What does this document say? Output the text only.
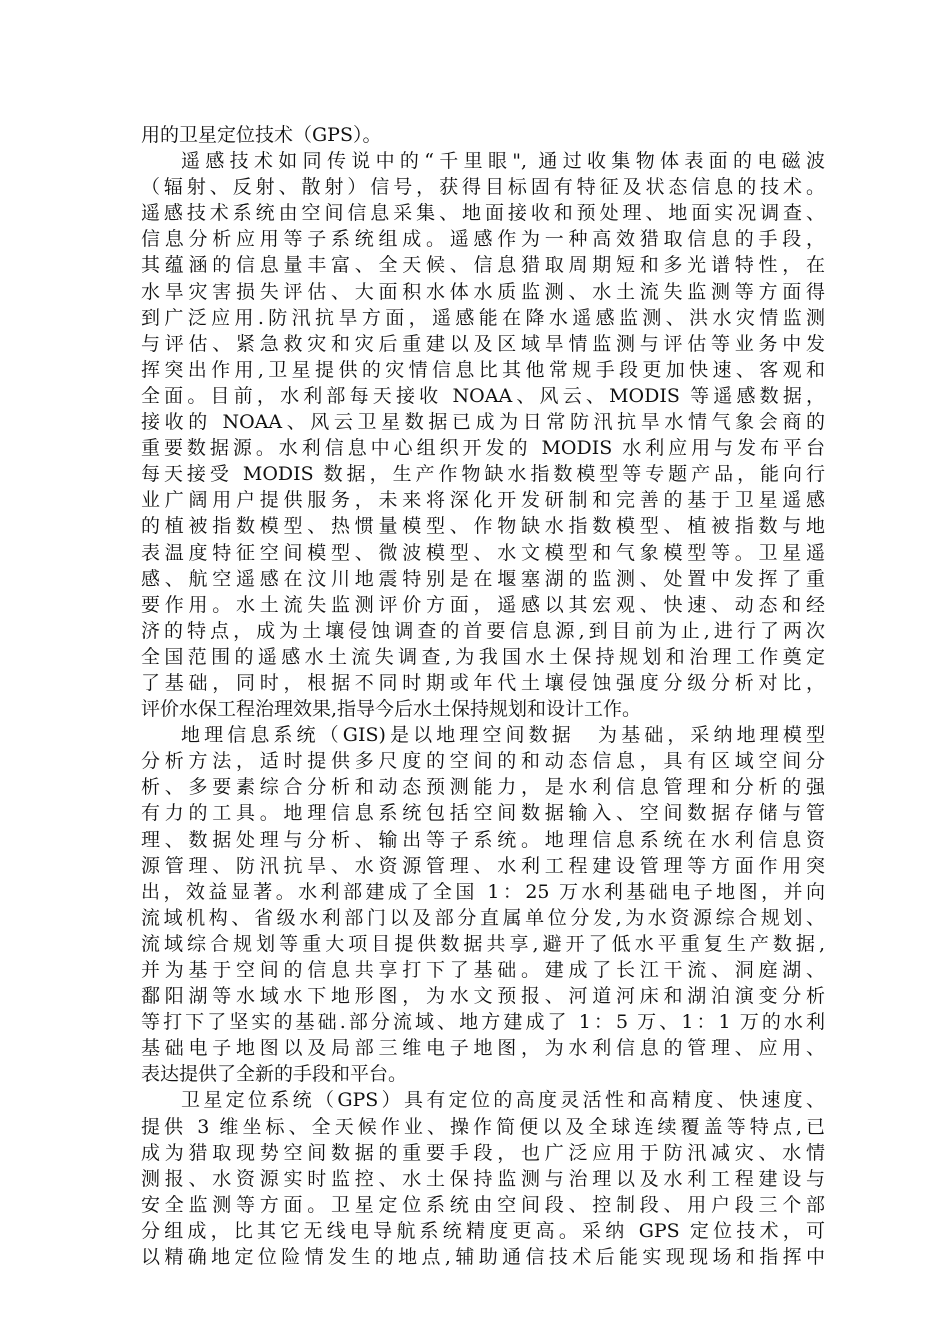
用的卫星定位技术（GPS）。
遥感技术如同传说中的“千里眼", 通过收集物体表面的电磁波
（辐射、反射、散射）信号，获得目标固有特征及状态信息的技术。
遥感技术系统由空间信息采集、地面接收和预处理、地面实况调查、
信息分析应用等子系统组成。遥感作为一种高效猎取信息的手段，
其蕴涵的信息量丰富、全天候、信息猎取周期短和多光谱特性，在
水旱灾害损失评估、大面积水体水质监测、水土流失监测等方面得
到广泛应用.防汛抗旱方面，遥感能在降水遥感监测、洪水灾情监测
与评估、紧急救灾和灾后重建以及区域旱情监测与评估等业务中发
挥突出作用,卫星提供的灾情信息比其他常规手段更加快速、客观和
全面。目前，水利部每天接收 NOAA、风云、MODIS 等遥感数据，
接收的 NOAA、风云卫星数据已成为日常防汛抗旱水情气象会商的
重要数据源。水利信息中心组织开发的 MODIS 水利应用与发布平台
每天接受 MODIS 数据，生产作物缺水指数模型等专题产品，能向行
业广阔用户提供服务，未来将深化开发研制和完善的基于卫星遥感
的植被指数模型、热惯量模型、作物缺水指数模型、植被指数与地
表温度特征空间模型、微波模型、水文模型和气象模型等。卫星遥
感、航空遥感在汶川地震特别是在堰塞湖的监测、处置中发挥了重
要作用。水土流失监测评价方面，遥感以其宏观、快速、动态和经
济的特点，成为土壤侵蚀调查的首要信息源,到目前为止,进行了两次
全国范围的遥感水土流失调查,为我国水土保持规划和治理工作奠定
了基础，同时，根据不同时期或年代土壤侵蚀强度分级分析对比，
评价水保工程治理效果,指导今后水土保持规划和设计工作。
地理信息系统（GIS)是以地理空间数据　为基础，采纳地理模型
分析方法，适时提供多尺度的空间的和动态信息，具有区域空间分
析、多要素综合分析和动态预测能力，是水利信息管理和分析的强
有力的工具。地理信息系统包括空间数据输入、空间数据存储与管
理、数据处理与分析、输出等子系统。地理信息系统在水利信息资
源管理、防汛抗旱、水资源管理、水利工程建设管理等方面作用突
出，效益显著。水利部建成了全国 1：25 万水利基础电子地图，并向
流域机构、省级水利部门以及部分直属单位分发,为水资源综合规划、
流域综合规划等重大项目提供数据共享,避开了低水平重复生产数据,
并为基于空间的信息共享打下了基础。建成了长江干流、洞庭湖、
鄱阳湖等水域水下地形图，为水文预报、河道河床和湖泊演变分析
等打下了坚实的基础.部分流域、地方建成了 1：5 万、1：1 万的水利
基础电子地图以及局部三维电子地图，为水利信息的管理、应用、
表达提供了全新的手段和平台。
卫星定位系统（GPS）具有定位的高度灵活性和高精度、快速度、
提供 3 维坐标、全天候作业、操作简便以及全球连续覆盖等特点,已
成为猎取现势空间数据的重要手段，也广泛应用于防汛减灾、水情
测报、水资源实时监控、水土保持监测与治理以及水利工程建设与
安全监测等方面。卫星定位系统由空间段、控制段、用户段三个部
分组成，比其它无线电导航系统精度更高。采纳 GPS 定位技术，可
以精确地定位险情发生的地点,辅助通信技术后能实现现场和指挥中
